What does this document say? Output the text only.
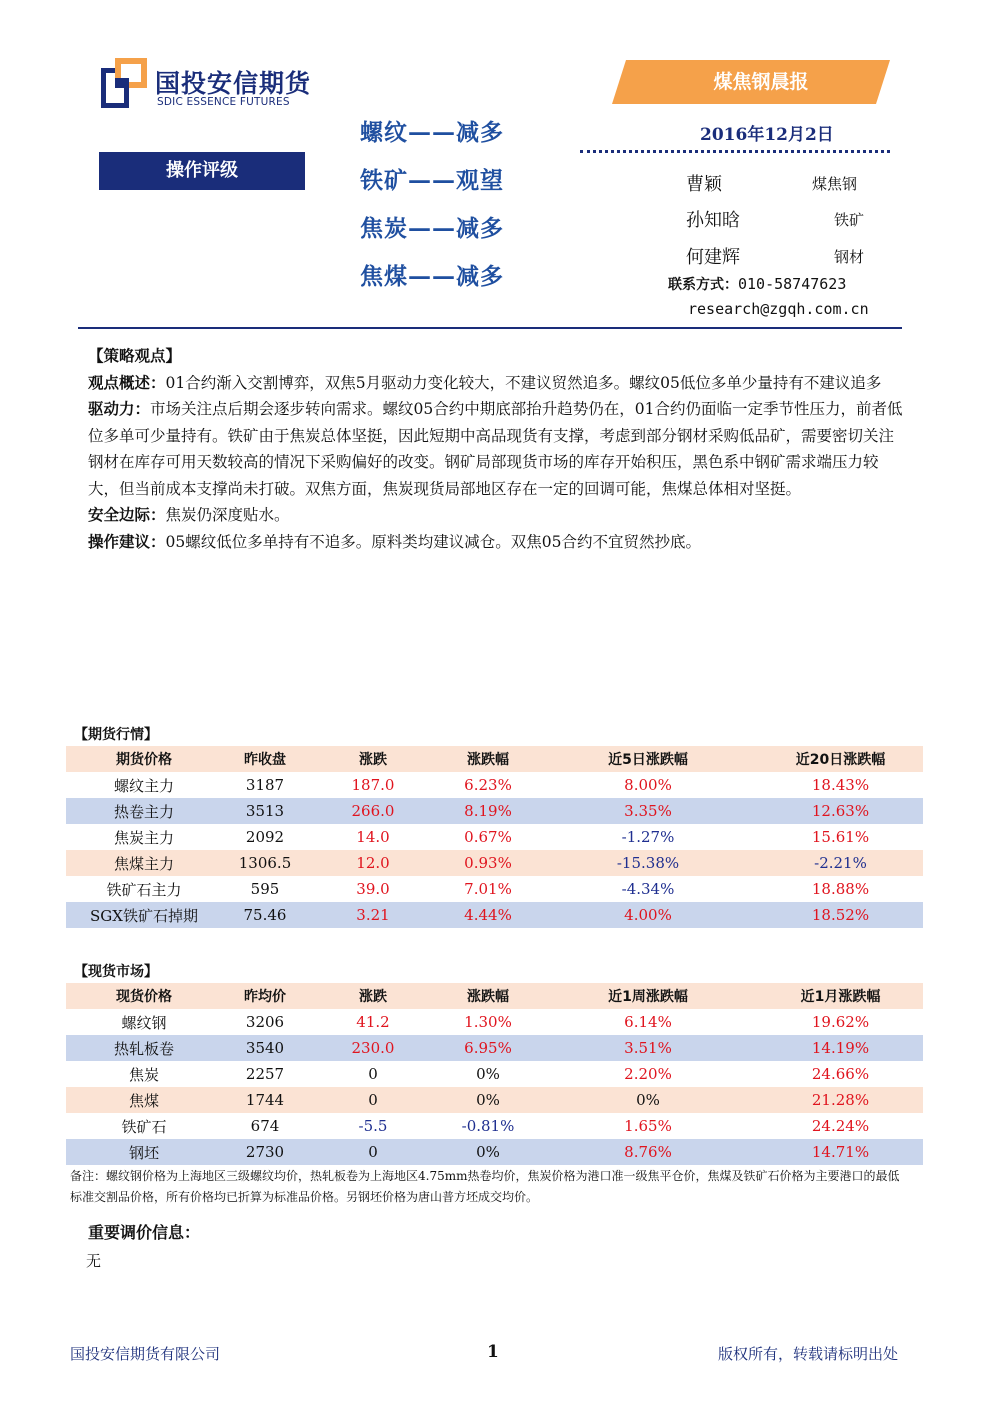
国投安信期货
SDIC ESSENCE FUTURES
煤焦钢晨报
2016年12月2日
操作评级
螺纹——减多
铁矿——观望
焦炭——减多
焦煤——减多
曹颖	煤焦钢
孙知晗	铁矿
何建辉	钢材
联系方式：010-58747623
research@zgqh.com.cn

【策略观点】

观点概述：01合约渐入交割博弈，双焦5月驱动力变化较大，不建议贸然追多。螺纹05低位多单少量持有不建议追多

驱动力：市场关注点后期会逐步转向需求。螺纹05合约中期底部抬升趋势仍在，01合约仍面临一定季节性压力，前者低位多单可少量持有。铁矿由于焦炭总体坚挺，因此短期中高品现货有支撑，考虑到部分钢材采购低品矿，需要密切关注钢材在库存可用天数较高的情况下采购偏好的改变。钢矿局部现货市场的库存开始积压，黑色系中钢矿需求端压力较大，但当前成本支撑尚未打破。双焦方面，焦炭现货局部地区存在一定的回调可能，焦煤总体相对坚挺。

安全边际：焦炭仍深度贴水。

操作建议：05螺纹低位多单持有不追多。原料类均建议减仓。双焦05合约不宜贸然抄底。

【期货行情】
期货价格	昨收盘	涨跌	涨跌幅	近5日涨跌幅	近20日涨跌幅
螺纹主力	3187	187.0	6.23%	8.00%	18.43%
热卷主力	3513	266.0	8.19%	3.35%	12.63%
焦炭主力	2092	14.0	0.67%	-1.27%	15.61%
焦煤主力	1306.5	12.0	0.93%	-15.38%	-2.21%
铁矿石主力	595	39.0	7.01%	-4.34%	18.88%
SGX铁矿石掉期	75.46	3.21	4.44%	4.00%	18.52%
【现货市场】
现货价格	昨均价	涨跌	涨跌幅	近1周涨跌幅	近1月涨跌幅
螺纹钢	3206	41.2	1.30%	6.14%	19.62%
热轧板卷	3540	230.0	6.95%	3.51%	14.19%
焦炭	2257	0	0%	2.20%	24.66%
焦煤	1744	0	0%	0%	21.28%
铁矿石	674	-5.5	-0.81%	1.65%	24.24%
钢坯	2730	0	0%	8.76%	14.71%
备注：螺纹钢价格为上海地区三级螺纹均价，热轧板卷为上海地区4.75mm热卷均价，焦炭价格为港口准一级焦平仓价，焦煤及铁矿石价格为主要港口的最低标准交割品价格，所有价格均已折算为标准品价格。另钢坯价格为唐山普方坯成交均价。
重要调价信息：
无
国投安信期货有限公司	1	版权所有，转载请标明出处
